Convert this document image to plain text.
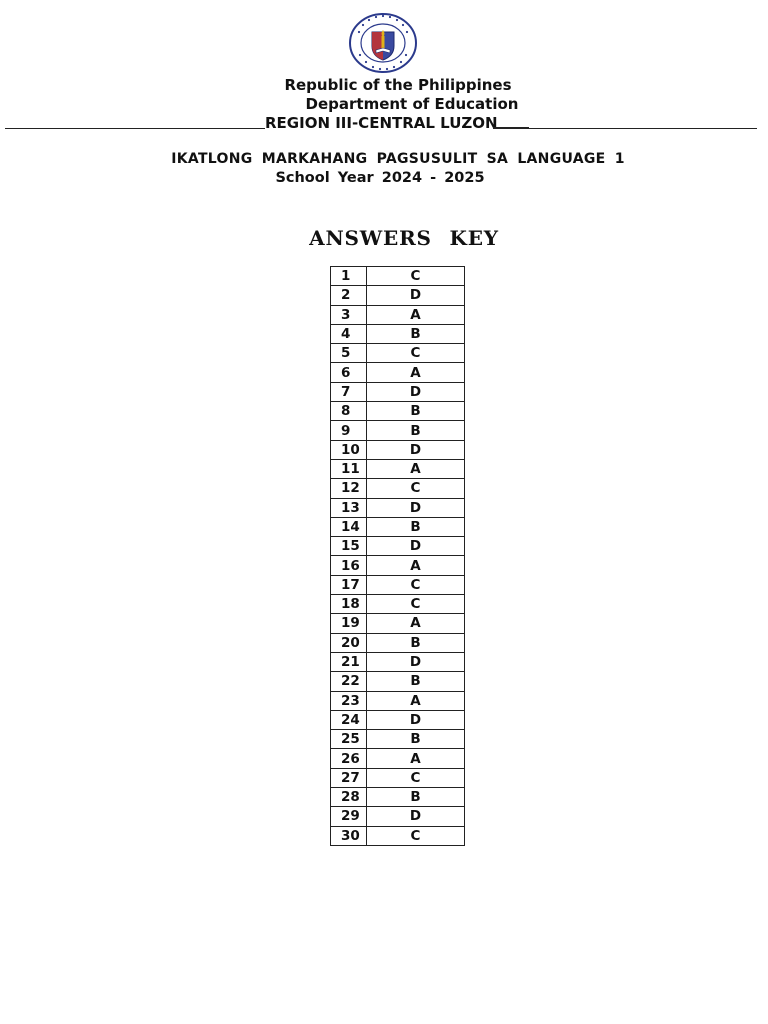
Republic of the Philippines
Department of Education
REGION III-CENTRAL LUZON
IKATLONG MARKAHANG PAGSUSULIT SA LANGUAGE 1
School Year 2024 - 2025
ANSWERS KEY
1	C
2	D
3	A
4	B
5	C
6	A
7	D
8	B
9	B
10	D
11	A
12	C
13	D
14	B
15	D
16	A
17	C
18	C
19	A
20	B
21	D
22	B
23	A
24	D
25	B
26	A
27	C
28	B
29	D
30	C
